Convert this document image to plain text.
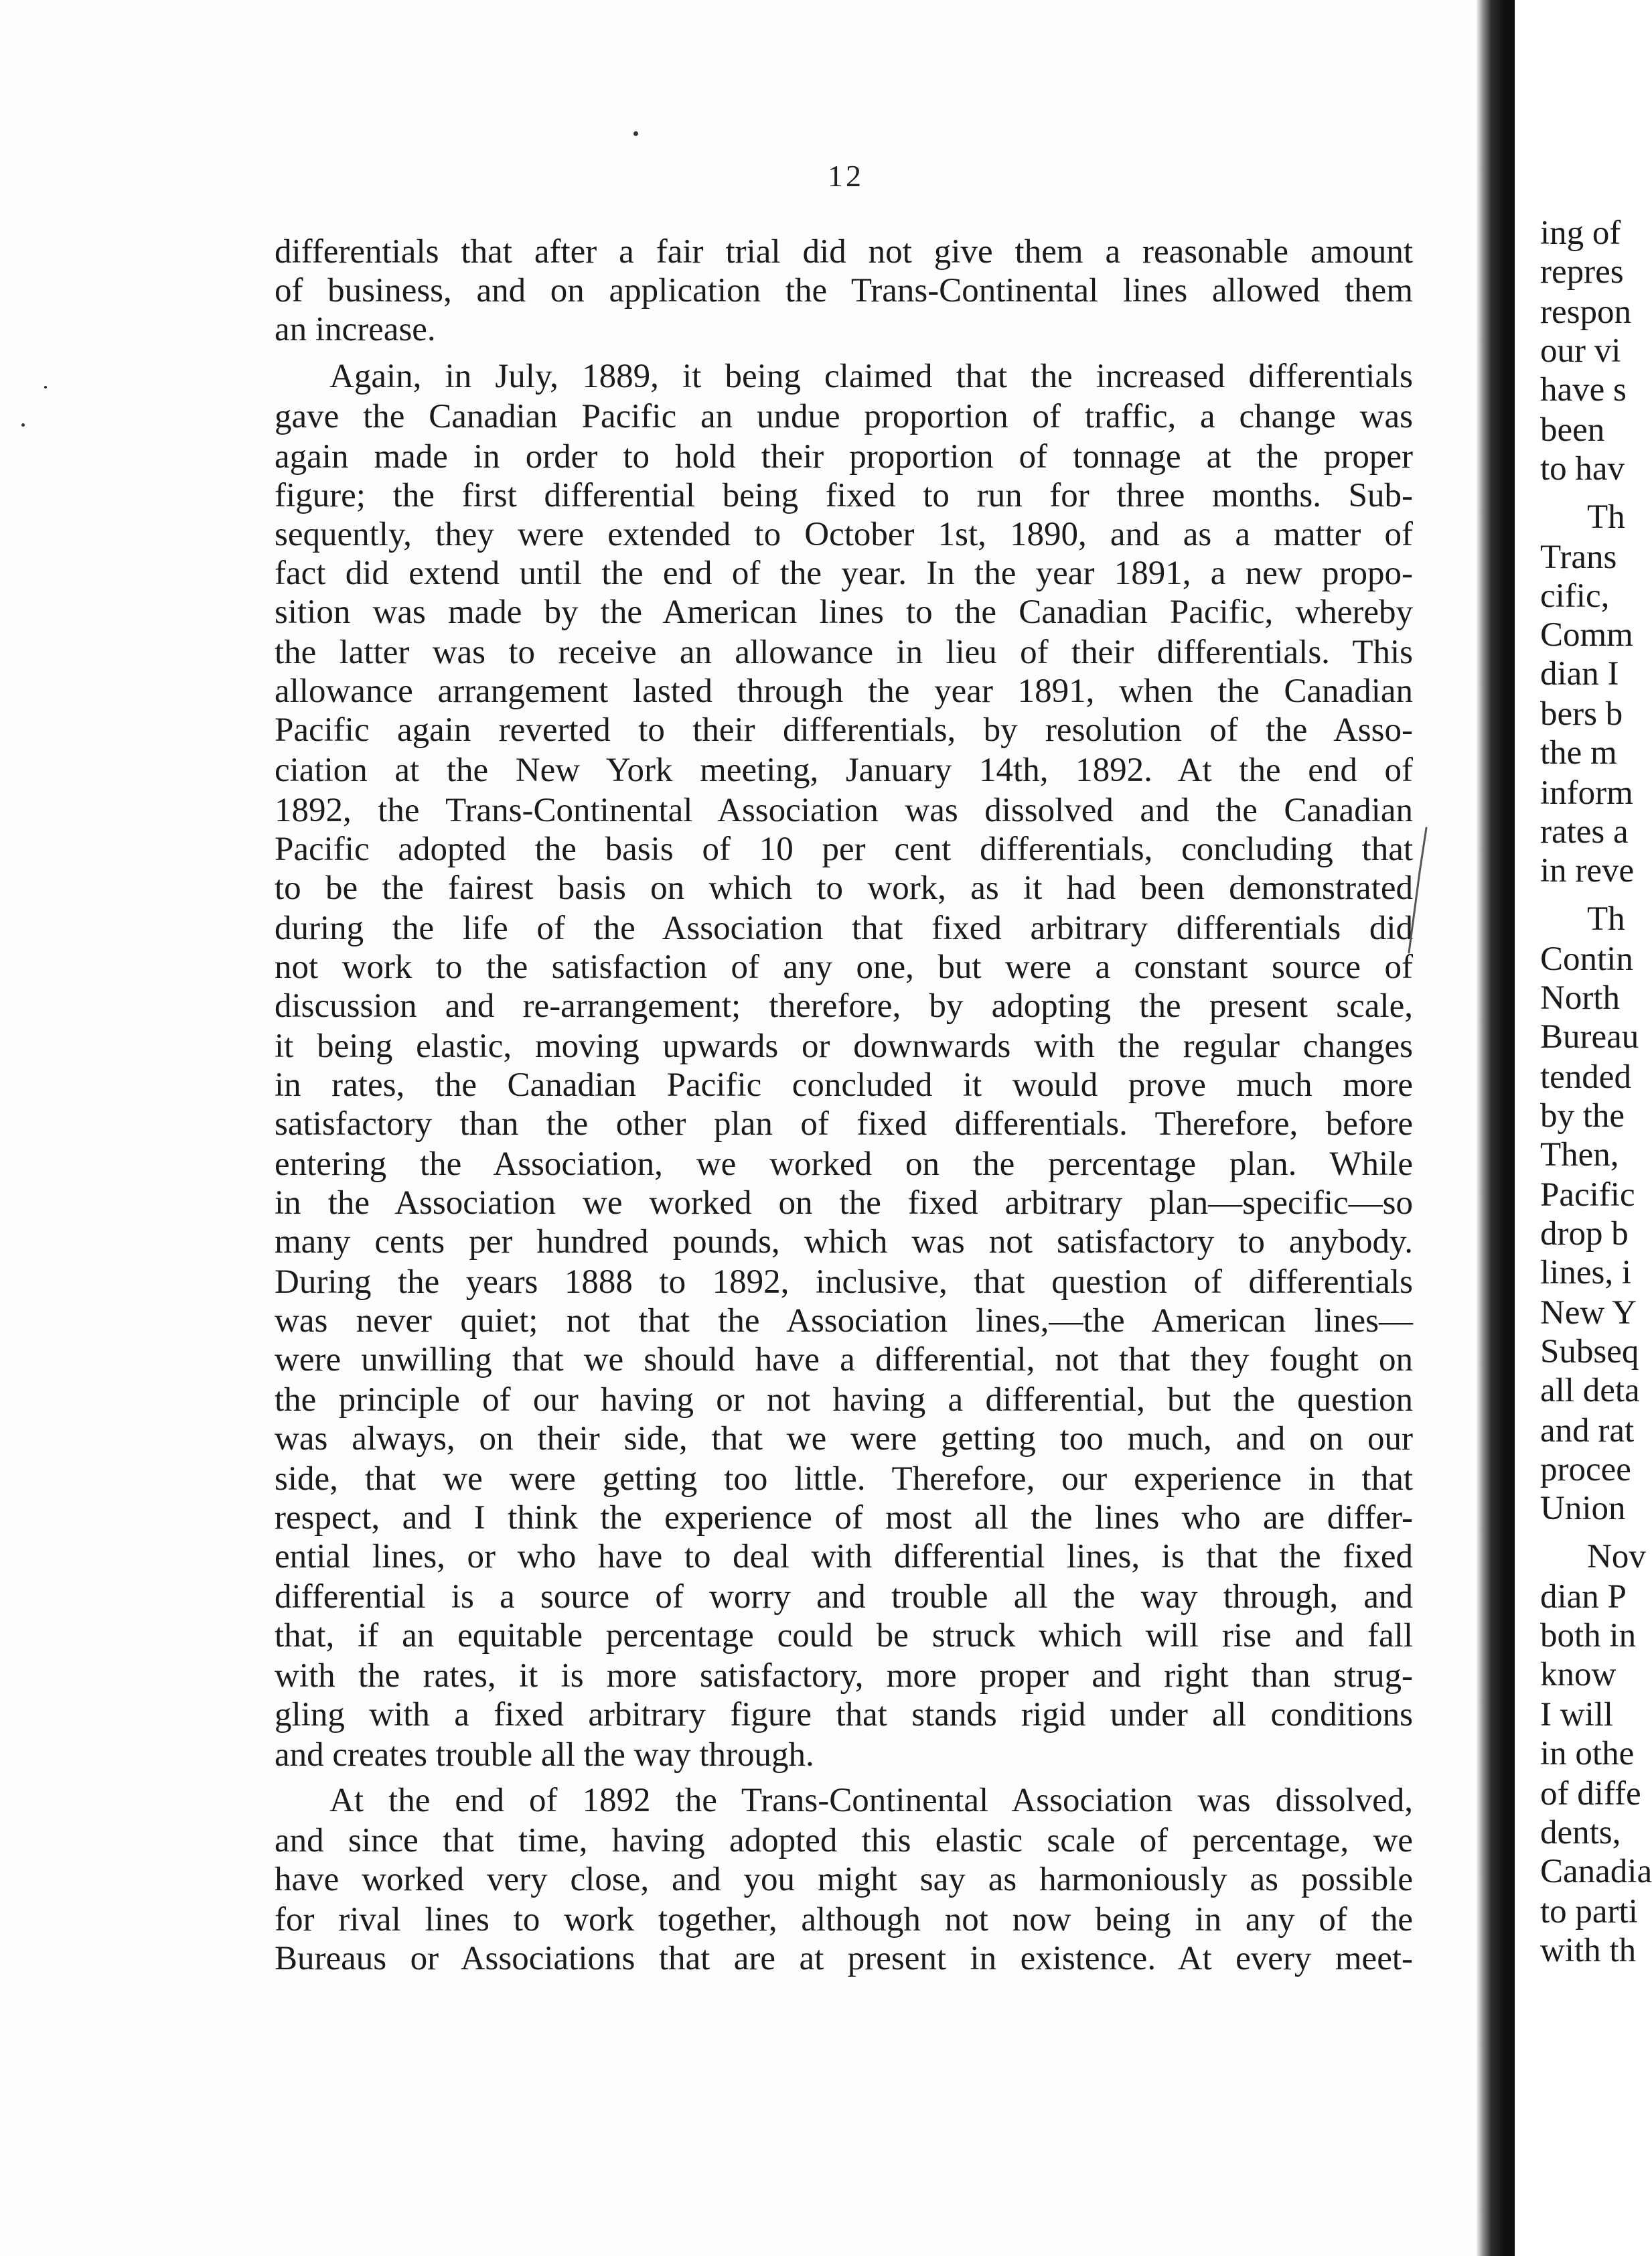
12

differentials that after a fair trial did not give them a reasonable amount

of business, and on application the Trans-Continental lines allowed them

an increase.

Again, in July, 1889, it being claimed that the increased differentials

gave the Canadian Pacific an undue proportion of traffic, a change was

again made in order to hold their proportion of tonnage at the proper

figure; the first differential being fixed to run for three months. Sub-

sequently, they were extended to October 1st, 1890, and as a matter of

fact did extend until the end of the year. In the year 1891, a new propo-

sition was made by the American lines to the Canadian Pacific, whereby

the latter was to receive an allowance in lieu of their differentials. This

allowance arrangement lasted through the year 1891, when the Canadian

Pacific again reverted to their differentials, by resolution of the Asso-

ciation at the New York meeting, January 14th, 1892. At the end of

1892, the Trans-Continental Association was dissolved and the Canadian

Pacific adopted the basis of 10 per cent differentials, concluding that

to be the fairest basis on which to work, as it had been demonstrated

during the life of the Association that fixed arbitrary differentials did

not work to the satisfaction of any one, but were a constant source of

discussion and re-arrangement; therefore, by adopting the present scale,

it being elastic, moving upwards or downwards with the regular changes

in rates, the Canadian Pacific concluded it would prove much more

satisfactory than the other plan of fixed differentials. Therefore, before

entering the Association, we worked on the percentage plan. While

in the Association we worked on the fixed arbitrary plan—specific—so

many cents per hundred pounds, which was not satisfactory to anybody.

During the years 1888 to 1892, inclusive, that question of differentials

was never quiet; not that the Association lines,—the American lines—

were unwilling that we should have a differential, not that they fought on

the principle of our having or not having a differential, but the question

was always, on their side, that we were getting too much, and on our

side, that we were getting too little. Therefore, our experience in that

respect, and I think the experience of most all the lines who are differ-

ential lines, or who have to deal with differential lines, is that the fixed

differential is a source of worry and trouble all the way through, and

that, if an equitable percentage could be struck which will rise and fall

with the rates, it is more satisfactory, more proper and right than strug-

gling with a fixed arbitrary figure that stands rigid under all conditions

and creates trouble all the way through.

At the end of 1892 the Trans-Continental Association was dissolved,

and since that time, having adopted this elastic scale of percentage, we

have worked very close, and you might say as harmoniously as possible

for rival lines to work together, although not now being in any of the

Bureaus or Associations that are at present in existence. At every meet-

ing of

repres

respon

our vi

have s

been

to hav

Th

Trans

cific,

Comm

dian I

bers b

the m

inform

rates a

in reve

Th

Contin

North

Bureau

tended

by the

Then,

Pacific

drop b

lines, i

New Y

Subseq

all deta

and rat

procee

Union

Nov

dian P

both in

know

I will

in othe

of diffe

dents,

Canadia

to parti

with th
